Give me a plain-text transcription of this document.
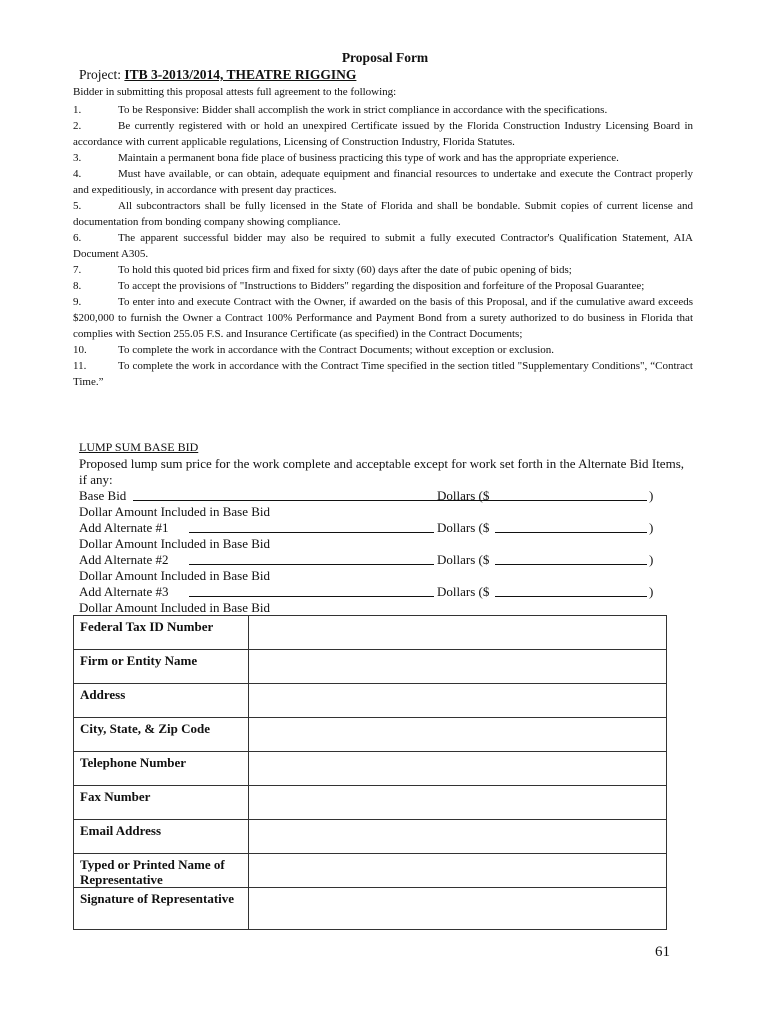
Proposal Form
Project: ITB 3-2013/2014, THEATRE RIGGING
Bidder in submitting this proposal attests full agreement to the following:
1.	To be Responsive: Bidder shall accomplish the work in strict compliance in accordance with the specifications.
2.	Be currently registered with or hold an unexpired Certificate issued by the Florida Construction Industry Licensing Board in accordance with current applicable regulations, Licensing of Construction Industry, Florida Statutes.
3.	Maintain a permanent bona fide place of business practicing this type of work and has the appropriate experience.
4.	Must have available, or can obtain, adequate equipment and financial resources to undertake and execute the Contract properly and expeditiously, in accordance with present day practices.
5.	All subcontractors shall be fully licensed in the State of Florida and shall be bondable. Submit copies of current license and documentation from bonding company showing compliance.
6.	The apparent successful bidder may also be required to submit a fully executed Contractor's Qualification Statement, AIA Document A305.
7.	To hold this quoted bid prices firm and fixed for sixty (60) days after the date of pubic opening of bids;
8.	To accept the provisions of "Instructions to Bidders" regarding the disposition and forfeiture of the Proposal Guarantee;
9.	To enter into and execute Contract with the Owner, if awarded on the basis of this Proposal, and if the cumulative award exceeds $200,000 to furnish the Owner a Contract 100% Performance and Payment Bond from a surety authorized to do business in Florida that complies with Section 255.05 F.S. and Insurance Certificate (as specified) in the Contract Documents;
10.	To complete the work in accordance with the Contract Documents; without exception or exclusion.
11.	To complete the work in accordance with the Contract Time specified in the section titled "Supplementary Conditions", “Contract Time.”
LUMP SUM BASE BID
Proposed lump sum price for the work complete and acceptable except for work set forth in the Alternate Bid Items, if any:
Base Bid	Dollars ($	)
Dollar Amount Included in Base Bid
Add Alternate #1	Dollars ($	)
Dollar Amount Included in Base Bid
Add Alternate #2	Dollars ($	)
Dollar Amount Included in Base Bid
Add Alternate #3	Dollars ($	)
Dollar Amount Included in Base Bid
Federal Tax ID Number	
Firm or Entity Name	
Address	
City, State, & Zip Code	
Telephone Number	
Fax Number	
Email Address	
Typed or Printed Name of Representative	
Signature of Representative	
61
